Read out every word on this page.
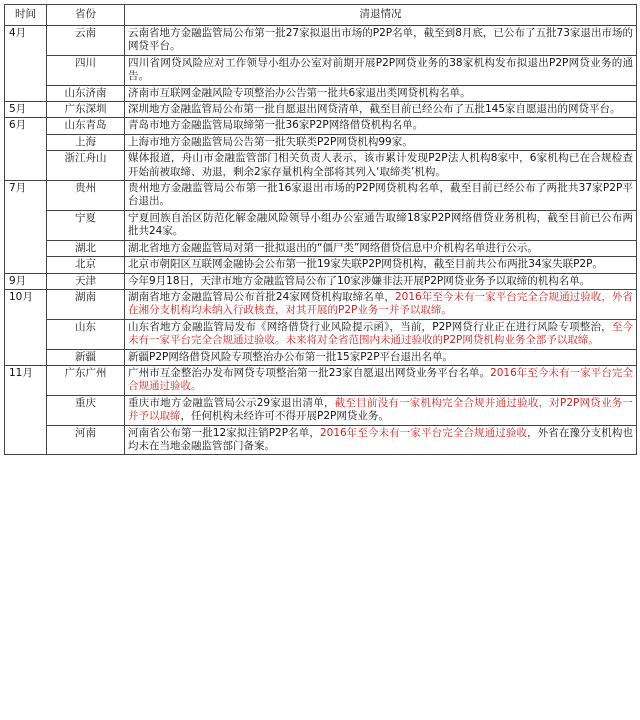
时间	省份	清退情况
4月	云南	云南省地方金融监管局公布第一批27家拟退出市场的P2P名单，截至到8月底，已公布了五批73家退出市场的网贷平台。
	四川	四川省网贷风险应对工作领导小组办公室对前期开展P2P网贷业务的38家机构发布拟退出P2P网贷业务的通告。
	山东济南	济南市互联网金融风险专项整治办公告第一批共6家退出类网贷机构名单。
5月	广东深圳	深圳地方金融监管局公布第一批自愿退出网贷清单，截至目前已经公布了五批145家自愿退出的网贷平台。
6月	山东青岛	青岛市地方金融监管局取缔第一批36家P2P网络借贷机构名单。
	上海	上海市地方金融监管局公告第一批失联类P2P网贷机构99家。
	浙江舟山	媒体报道，舟山市金融监管部门相关负责人表示，该市累计发现P2P法人机构8家中，6家机构已在合规检查开始前被取缔、劝退，剩余2家存量机构全部将其列入‘取缔类’机构。
7月	贵州	贵州地方金融监管局公布第一批16家退出市场的P2P网贷机构名单，截至目前已经公布了两批共37家P2P平台退出。
	宁夏	宁夏回族自治区防范化解金融风险领导小组办公室通告取缔18家P2P网络借贷业务机构，截至目前已公布两批共24家。
	湖北	湖北省地方金融监管局对第一批拟退出的“僵尸类”网络借贷信息中介机构名单进行公示。
	北京	北京市朝阳区互联网金融协会公布第一批19家失联P2P网贷机构，截至目前共公布两批34家失联P2P。
9月	天津	今年9月18日，天津市地方金融监管局公布了10家涉嫌非法开展P2P网贷业务予以取缔的机构名单。
10月	湖南	湖南省地方金融监管局公布首批24家网贷机构取缔名单，2016年至今未有一家平台完全合规通过验收，外省在湘分支机构均未纳入行政核查，对其开展的P2P业务一并予以取缔。
	山东	山东省地方金融监管局发布《网络借贷行业风险提示函》，当前，P2P网贷行业正在进行风险专项整治，至今未有一家平台完全合规通过验收。未来将对全省范围内未通过验收的P2P网贷机构业务全部予以取缔。
	新疆	新疆P2P网络借贷风险专项整治办公布第一批15家P2P平台退出名单。
11月	广东广州	广州市互金整治办发布网贷专项整治第一批23家自愿退出网贷业务平台名单。2016年至今未有一家平台完全合规通过验收。
	重庆	重庆市地方金融监管局公示29家退出清单，截至目前没有一家机构完全合规并通过验收，对P2P网贷业务一并予以取缔，任何机构未经许可不得开展P2P网贷业务。
	河南	河南省公布第一批12家拟注销P2P名单，2016年至今未有一家平台完全合规通过验收，外省在豫分支机构也均未在当地金融监管部门备案。
